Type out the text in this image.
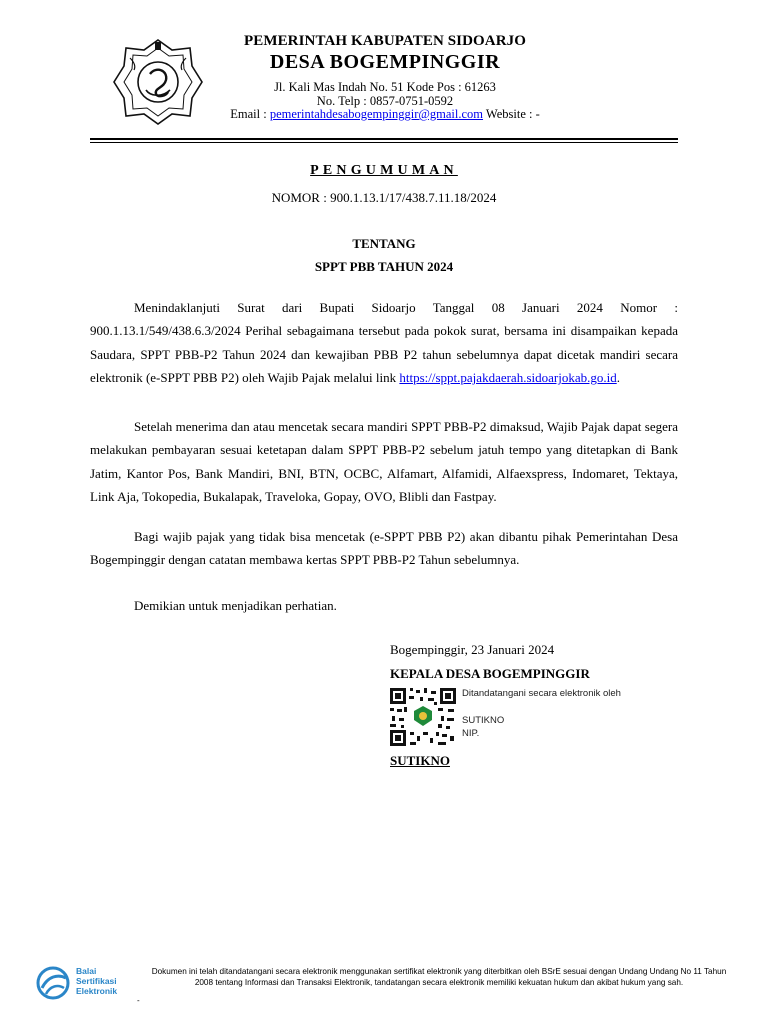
PEMERINTAH KABUPATEN SIDOARJO
DESA BOGEMPINGGIR
Jl. Kali Mas Indah No. 51 Kode Pos : 61263
No. Telp : 0857-0751-0592
Email : pemerintahdesabogempinggir@gmail.com Website : -
PENGUMUMAN
NOMOR : 900.1.13.1/17/438.7.11.18/2024
TENTANG
SPPT PBB TAHUN 2024
Menindaklanjuti Surat dari Bupati Sidoarjo Tanggal 08 Januari 2024 Nomor : 900.1.13.1/549/438.6.3/2024 Perihal sebagaimana tersebut pada pokok surat, bersama ini disampaikan kepada Saudara, SPPT PBB-P2 Tahun 2024 dan kewajiban PBB P2 tahun sebelumnya dapat dicetak mandiri secara elektronik (e-SPPT PBB P2) oleh Wajib Pajak melalui link https://sppt.pajakdaerah.sidoarjokab.go.id.
Setelah menerima dan atau mencetak secara mandiri SPPT PBB-P2 dimaksud, Wajib Pajak dapat segera melakukan pembayaran sesuai ketetapan dalam SPPT PBB-P2 sebelum jatuh tempo yang ditetapkan di Bank Jatim, Kantor Pos, Bank Mandiri, BNI, BTN, OCBC, Alfamart, Alfamidi, Alfaexspress, Indomaret, Tektaya, Link Aja, Tokopedia, Bukalapak, Traveloka, Gopay, OVO, Blibli dan Fastpay.
Bagi wajib pajak yang tidak bisa mencetak (e-SPPT PBB P2) akan dibantu pihak Pemerintahan Desa Bogempinggir dengan catatan membawa kertas SPPT PBB-P2 Tahun sebelumnya.
Demikian untuk menjadikan perhatian.
Bogempinggir, 23 Januari 2024
KEPALA DESA BOGEMPINGGIR
Ditandatangani secara elektronik oleh
SUTIKNO
NIP.
SUTIKNO
Balai
Sertifikasi
Elektronik
Dokumen ini telah ditandatangani secara elektronik menggunakan sertifikat elektronik yang diterbitkan oleh BSrE sesuai dengan Undang Undang No 11 Tahun 2008 tentang Informasi dan Transaksi Elektronik, tandatangan secara elektronik memiliki kekuatan hukum dan akibat hukum yang sah.
-
